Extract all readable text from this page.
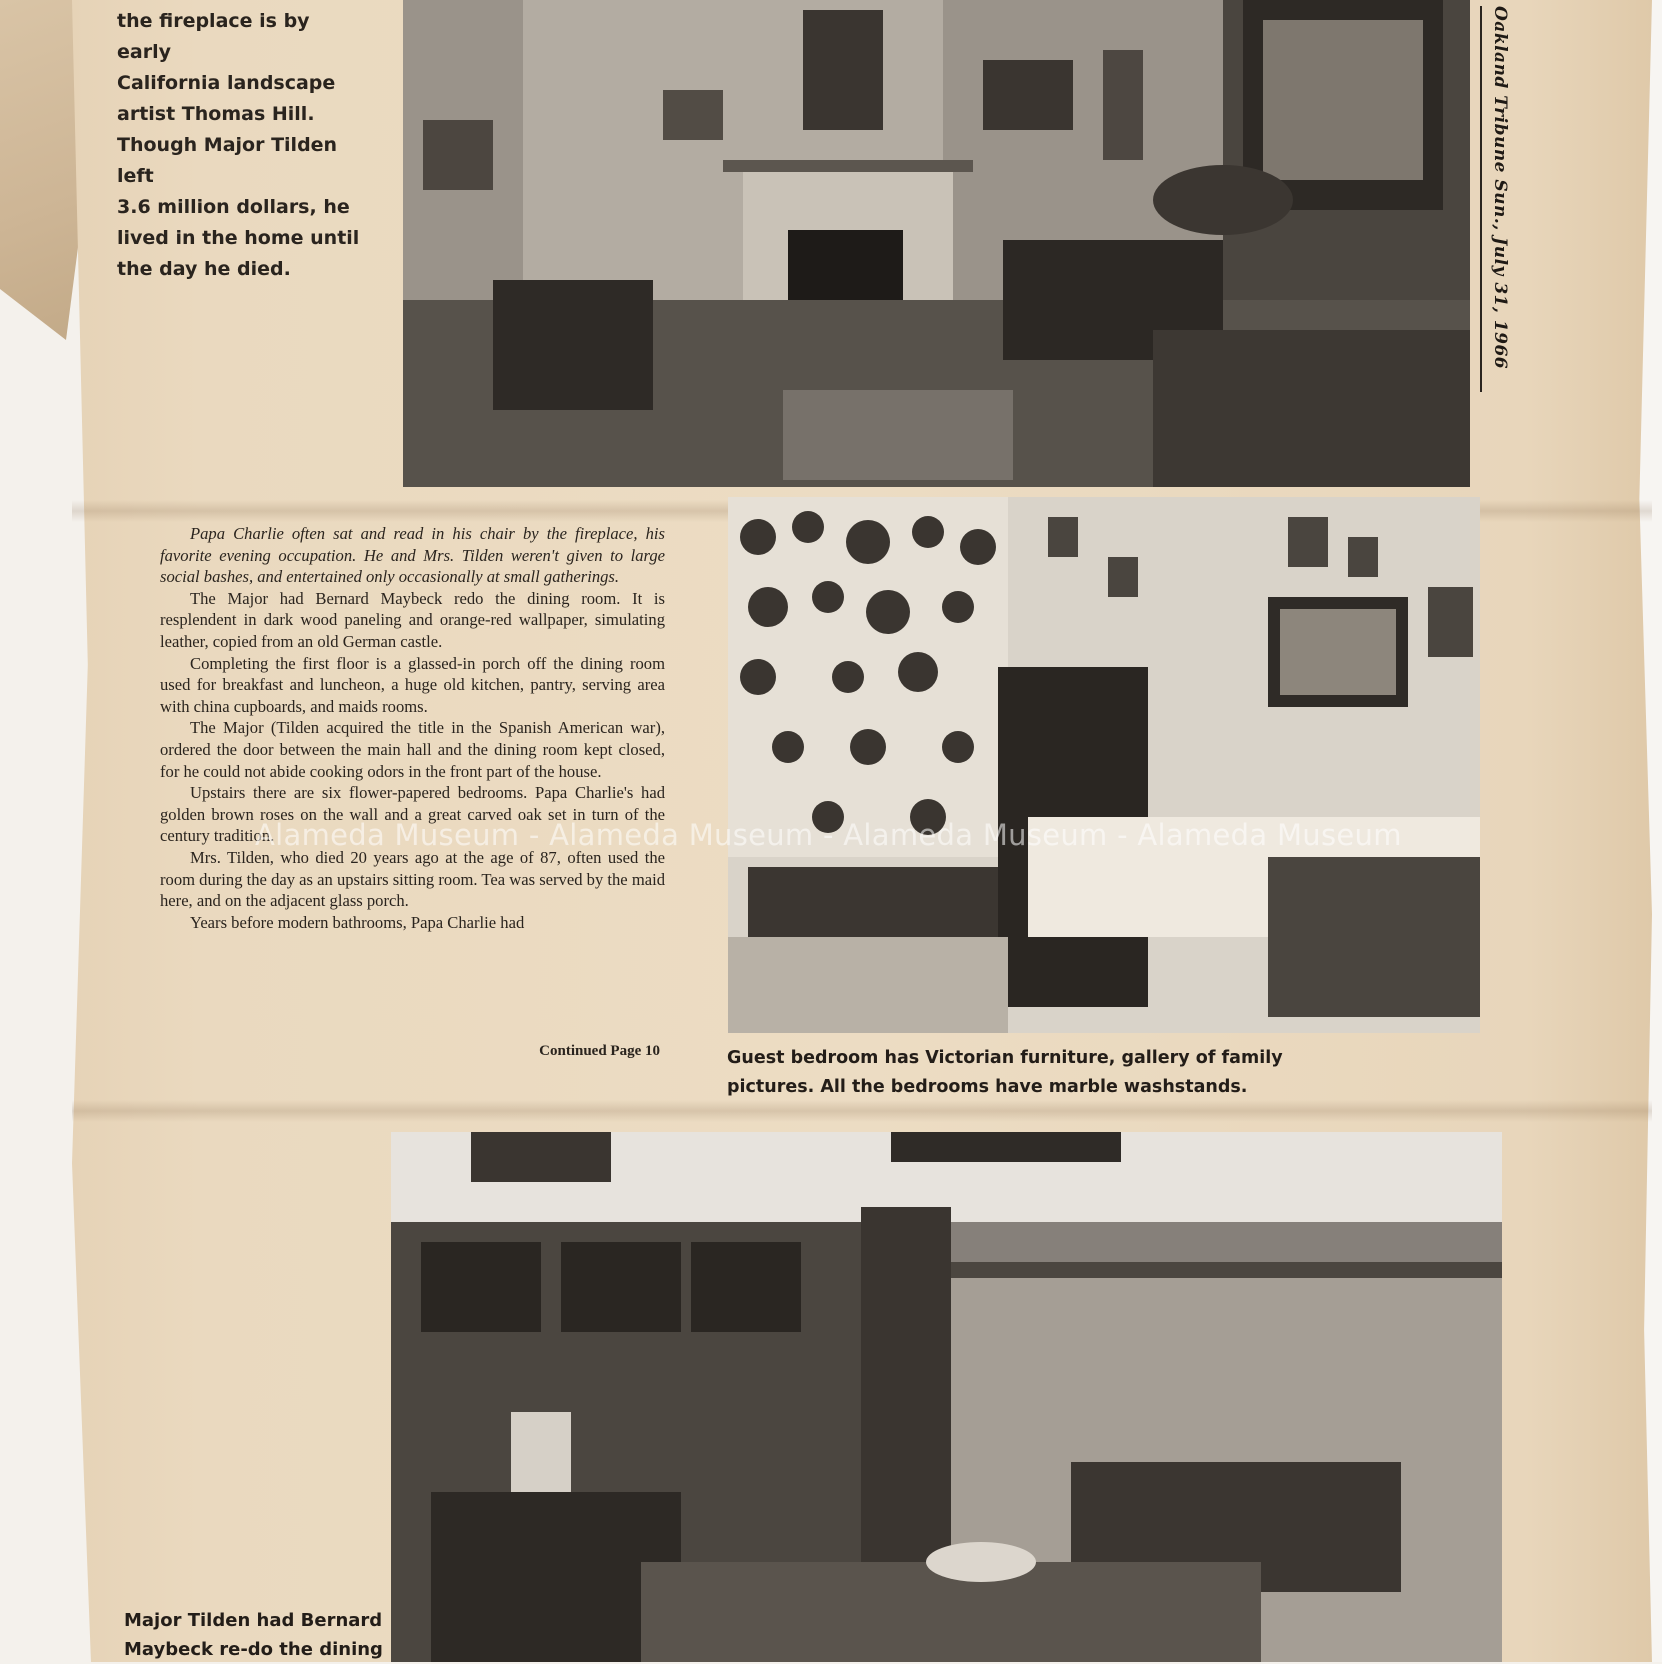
the fireplace is by early
California landscape
artist Thomas Hill.
Though Major Tilden left
3.6 million dollars, he
lived in the home until
the day he died.	Oakland Tribune Sun., July 31, 1966

Papa Charlie often sat and read in his chair by the fireplace, his favorite evening occupation. He and Mrs. Tilden weren't given to large social bashes, and entertained only occasionally at small gatherings.

The Major had Bernard Maybeck redo the dining room. It is resplendent in dark wood paneling and orange-red wallpaper, simulating leather, copied from an old German castle.

Completing the first floor is a glassed-in porch off the dining room used for breakfast and luncheon, a huge old kitchen, pantry, serving area with china cupboards, and maids rooms.

The Major (Tilden acquired the title in the Spanish American war), ordered the door between the main hall and the dining room kept closed, for he could not abide cooking odors in the front part of the house.

Upstairs there are six flower-papered bedrooms. Papa Charlie's had golden brown roses on the wall and a great carved oak set in turn of the century tradition.

Mrs. Tilden, who died 20 years ago at the age of 87, often used the room during the day as an upstairs sitting room. Tea was served by the maid here, and on the adjacent glass porch.

Years before modern bathrooms, Papa Charlie had

Continued Page 10	Guest bedroom has Victorian furniture, gallery of family
pictures. All the bedrooms have marble washstands.
Major Tilden had Bernard
Maybeck re-do the dining
Alameda Museum - Alameda Museum - Alameda Museum - Alameda Museum
